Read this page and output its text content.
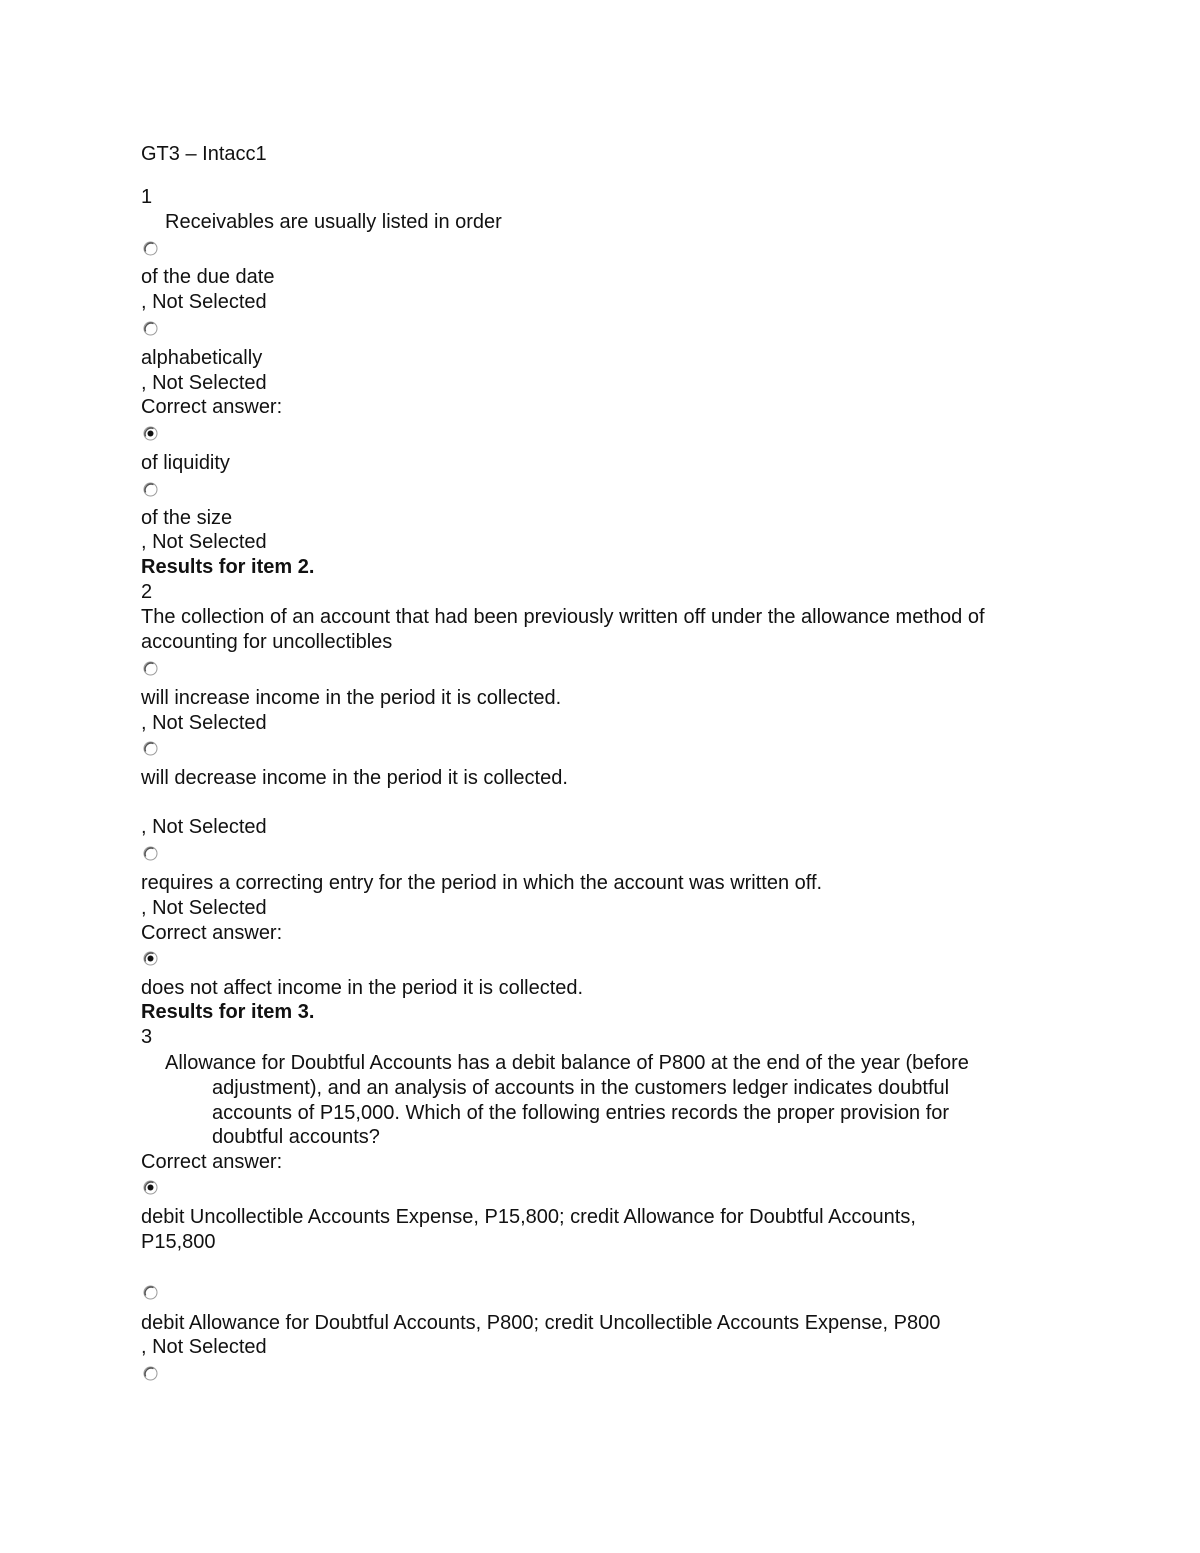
GT3 – Intacc1
1
Receivables are usually listed in order
of the due date
, Not Selected
alphabetically
, Not Selected
Correct answer:
of liquidity
of the size
, Not Selected
Results for item 2.
2
The collection of an account that had been previously written off under the allowance method of
accounting for uncollectibles
will increase income in the period it is collected.
, Not Selected
will decrease income in the period it is collected.
, Not Selected
requires a correcting entry for the period in which the account was written off.
, Not Selected
Correct answer:
does not affect income in the period it is collected.
Results for item 3.
3
Allowance for Doubtful Accounts has a debit balance of P800 at the end of the year (before
adjustment), and an analysis of accounts in the customers ledger indicates doubtful
accounts of P15,000. Which of the following entries records the proper provision for
doubtful accounts?
Correct answer:
debit Uncollectible Accounts Expense, P15,800; credit Allowance for Doubtful Accounts,
P15,800
debit Allowance for Doubtful Accounts, P800; credit Uncollectible Accounts Expense, P800
, Not Selected
